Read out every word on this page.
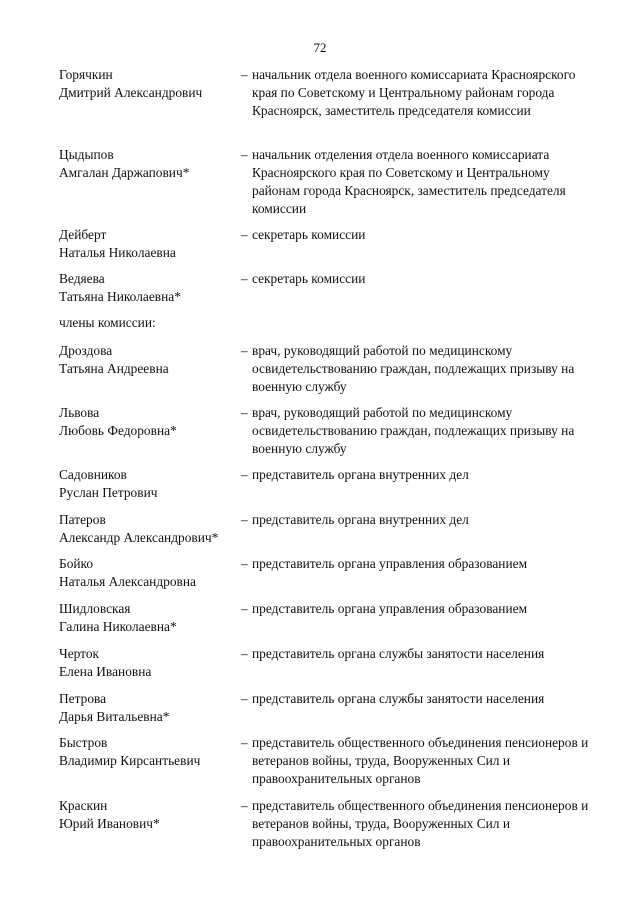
72
Горячкин
Дмитрий Александрович
– начальник отдела военного комиссариата Красноярского края по Советскому и Центральному районам города Красноярск, заместитель председателя комиссии
Цыдыпов
Амгалан Даржапович*
– начальник отделения отдела военного комиссариата Красноярского края по Советскому и Центральному районам города Красноярск, заместитель председателя комиссии
Дейберт
Наталья Николаевна
– секретарь комиссии
Ведяева
Татьяна Николаевна*
– секретарь комиссии
члены комиссии:
Дроздова
Татьяна Андреевна
– врач, руководящий работой по медицинскому освидетельствованию граждан, подлежащих призыву на военную службу
Львова
Любовь Федоровна*
– врач, руководящий работой по медицинскому освидетельствованию граждан, подлежащих призыву на военную службу
Садовников
Руслан Петрович
– представитель органа внутренних дел
Патеров
Александр Александрович*
– представитель органа внутренних дел
Бойко
Наталья Александровна
– представитель органа управления образованием
Шидловская
Галина Николаевна*
– представитель органа управления образованием
Черток
Елена Ивановна
– представитель органа службы занятости населения
Петрова
Дарья Витальевна*
– представитель органа службы занятости населения
Быстров
Владимир Кирсантьевич
– представитель общественного объединения пенсионеров и ветеранов войны, труда, Вооруженных Сил и правоохранительных органов
Краскин
Юрий Иванович*
– представитель общественного объединения пенсионеров и ветеранов войны, труда, Вооруженных Сил и правоохранительных органов
